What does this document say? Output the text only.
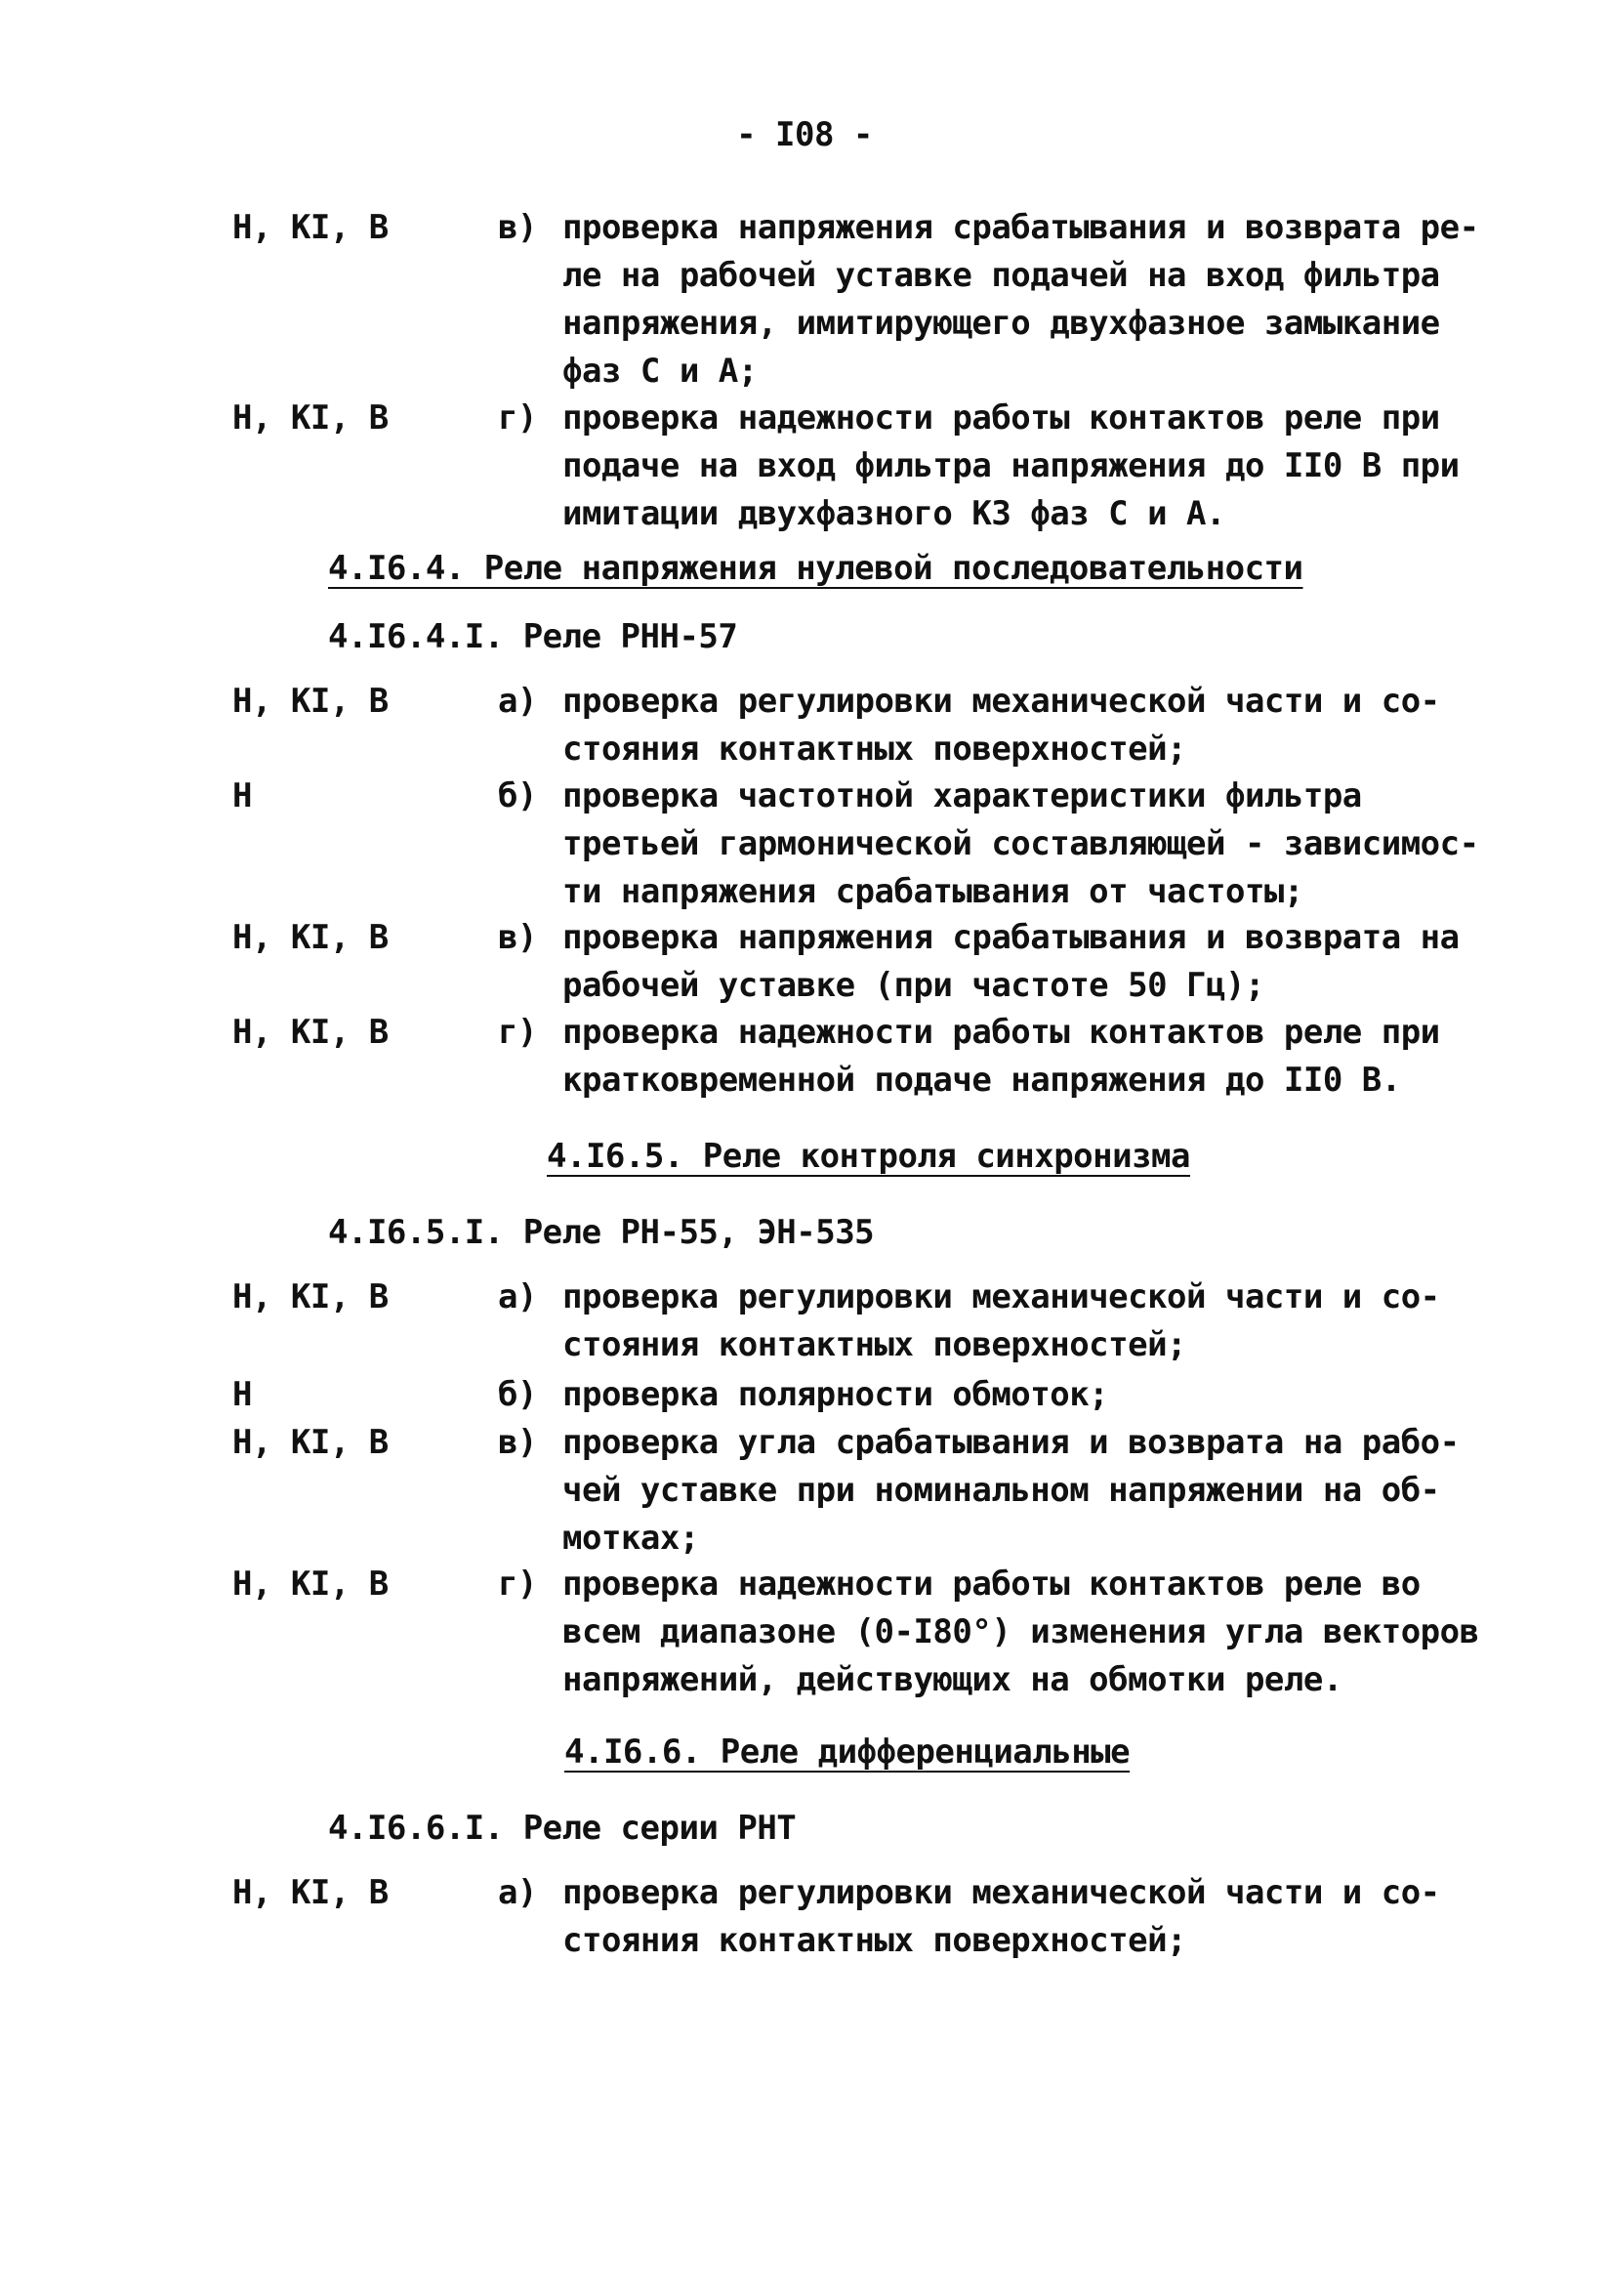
- I08 -
Н, КI, В	в) проверка напряжения срабатывания и возврата ре-
ле на рабочей уставке подачей на вход фильтра
напряжения, имитирующего двухфазное замыкание
фаз С и А;
Н, КI, В	г) проверка надежности работы контактов реле при
подаче на вход фильтра напряжения до II0 В при
имитации двухфазного КЗ фаз С и А.
4.I6.4. Реле напряжения нулевой последовательности
4.I6.4.I. Реле РНН-57
Н, КI, В	а) проверка регулировки механической части и со-
стояния контактных поверхностей;
Н	б) проверка частотной характеристики фильтра
третьей гармонической составляющей - зависимос-
ти напряжения срабатывания от частоты;
Н, КI, В	в) проверка напряжения срабатывания и возврата на
рабочей уставке (при частоте 50 Гц);
Н, КI, В	г) проверка надежности работы контактов реле при
кратковременной подаче напряжения до II0 В.
4.I6.5. Реле контроля синхронизма
4.I6.5.I. Реле РН-55, ЭН-535
Н, КI, В	а) проверка регулировки механической части и со-
стояния контактных поверхностей;
Н	б) проверка полярности обмоток;
Н, КI, В	в) проверка угла срабатывания и возврата на рабо-
чей уставке при номинальном напряжении на об-
мотках;
Н, КI, В	г) проверка надежности работы контактов реле во
всем диапазоне (0-I80°) изменения угла векторов
напряжений, действующих на обмотки реле.
4.I6.6. Реле дифференциальные
4.I6.6.I. Реле серии РНТ
Н, КI, В	а) проверка регулировки механической части и со-
стояния контактных поверхностей;
